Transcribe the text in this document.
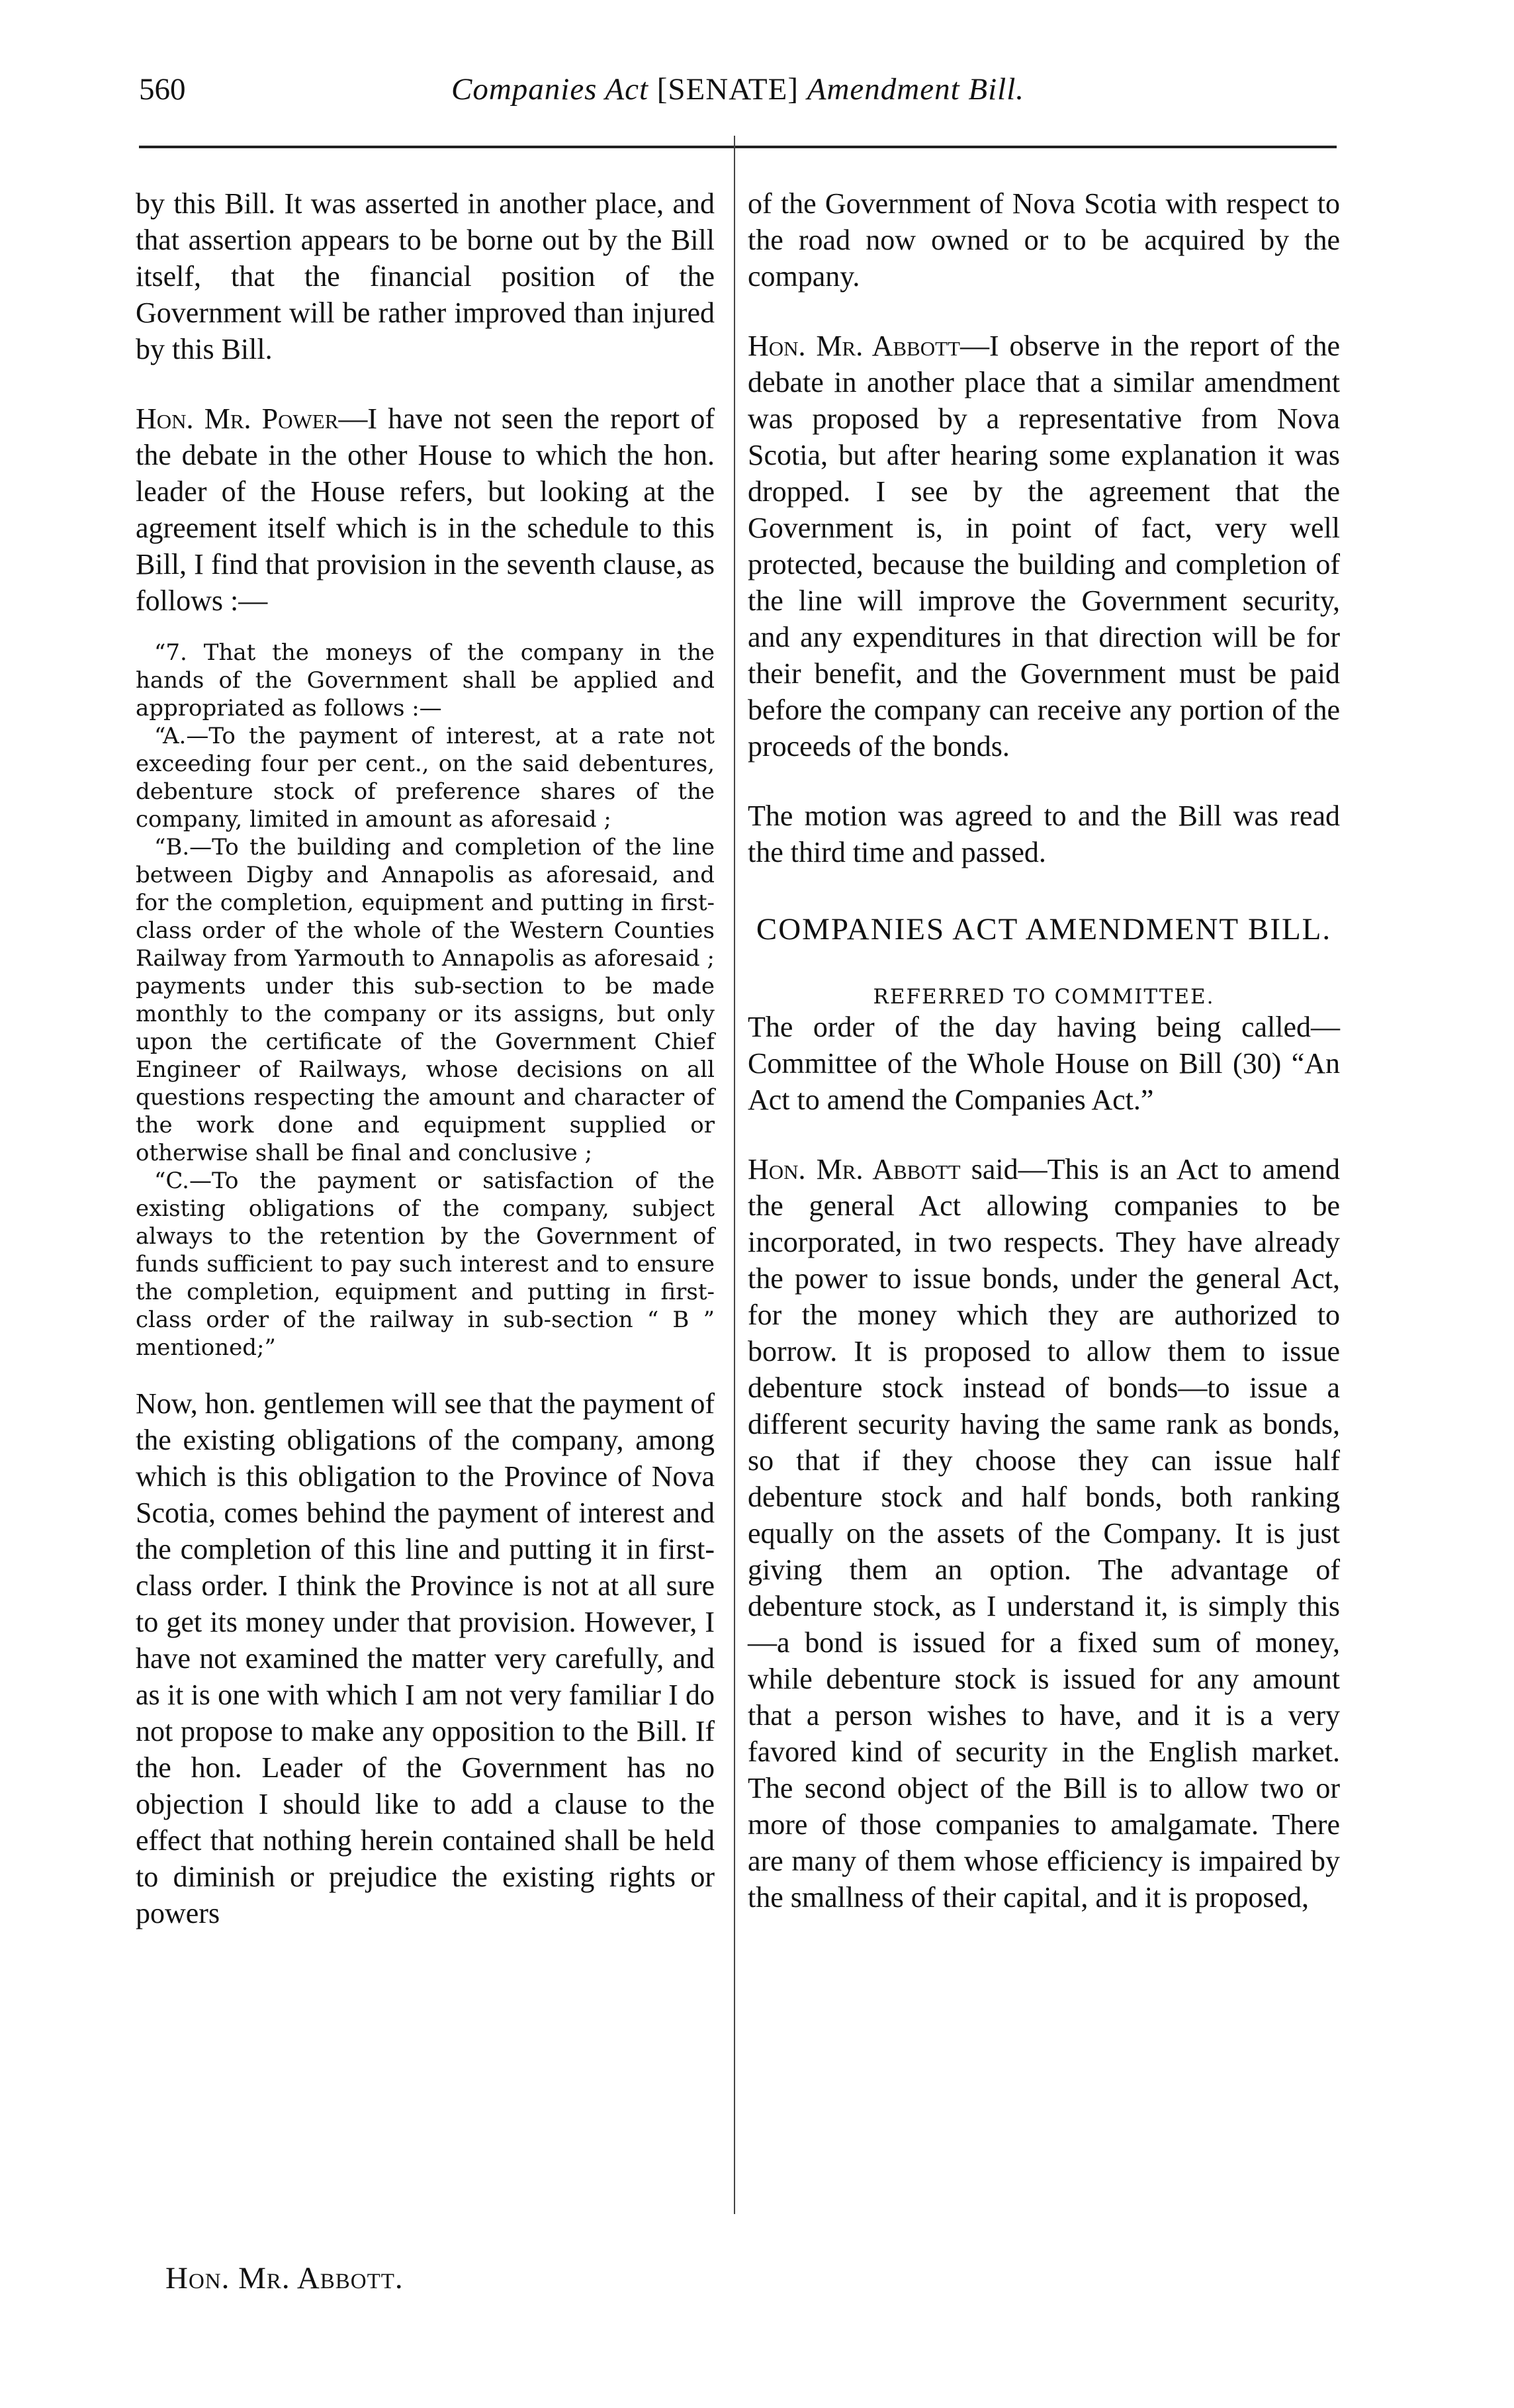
560	Companies Act [SENATE] Amendment Bill.

by this Bill. It was asserted in another place, and that assertion appears to be borne out by the Bill itself, that the financial position of the Government will be rather improved than injured by this Bill.

Hon. Mr. Power—I have not seen the report of the debate in the other House to which the hon. leader of the House refers, but looking at the agreement itself which is in the schedule to this Bill, I find that provision in the seventh clause, as follows :—

“7. That the moneys of the company in the hands of the Government shall be applied and appropriated as follows :—
“A.—To the payment of interest, at a rate not exceeding four per cent., on the said debentures, debenture stock of preference shares of the company, limited in amount as aforesaid ;
“B.—To the building and completion of the line between Digby and Annapolis as aforesaid, and for the completion, equipment and putting in first-class order of the whole of the Western Counties Railway from Yarmouth to Annapolis as aforesaid ; payments under this sub-section to be made monthly to the company or its assigns, but only upon the certificate of the Government Chief Engineer of Railways, whose decisions on all questions respecting the amount and character of the work done and equipment supplied or otherwise shall be final and conclusive ;
“C.—To the payment or satisfaction of the existing obligations of the company, subject always to the retention by the Government of funds sufficient to pay such interest and to ensure the completion, equipment and putting in first-class order of the railway in sub-section “ B ” mentioned;”

Now, hon. gentlemen will see that the payment of the existing obligations of the company, among which is this obligation to the Province of Nova Scotia, comes behind the payment of interest and the completion of this line and putting it in first-class order. I think the Province is not at all sure to get its money under that provision. However, I have not examined the matter very carefully, and as it is one with which I am not very familiar I do not propose to make any opposition to the Bill. If the hon. Leader of the Government has no objection I should like to add a clause to the effect that nothing herein contained shall be held to diminish or prejudice the existing rights or powers

of the Government of Nova Scotia with respect to the road now owned or to be acquired by the company.

Hon. Mr. Abbott—I observe in the report of the debate in another place that a similar amendment was proposed by a representative from Nova Scotia, but after hearing some explanation it was dropped. I see by the agreement that the Government is, in point of fact, very well protected, because the building and completion of the line will improve the Government security, and any expenditures in that direction will be for their benefit, and the Government must be paid before the company can receive any portion of the proceeds of the bonds.

The motion was agreed to and the Bill was read the third time and passed.

COMPANIES ACT AMENDMENT BILL.
REFERRED TO COMMITTEE.

The order of the day having being called—Committee of the Whole House on Bill (30) “An Act to amend the Companies Act.”

Hon. Mr. Abbott said—This is an Act to amend the general Act allowing companies to be incorporated, in two respects. They have already the power to issue bonds, under the general Act, for the money which they are authorized to borrow. It is proposed to allow them to issue debenture stock instead of bonds—to issue a different security having the same rank as bonds, so that if they choose they can issue half debenture stock and half bonds, both ranking equally on the assets of the Company. It is just giving them an option. The advantage of debenture stock, as I understand it, is simply this—a bond is issued for a fixed sum of money, while debenture stock is issued for any amount that a person wishes to have, and it is a very favored kind of security in the English market. The second object of the Bill is to allow two or more of those companies to amalgamate. There are many of them whose efficiency is impaired by the smallness of their capital, and it is proposed,

Hon. Mr. Abbott.
